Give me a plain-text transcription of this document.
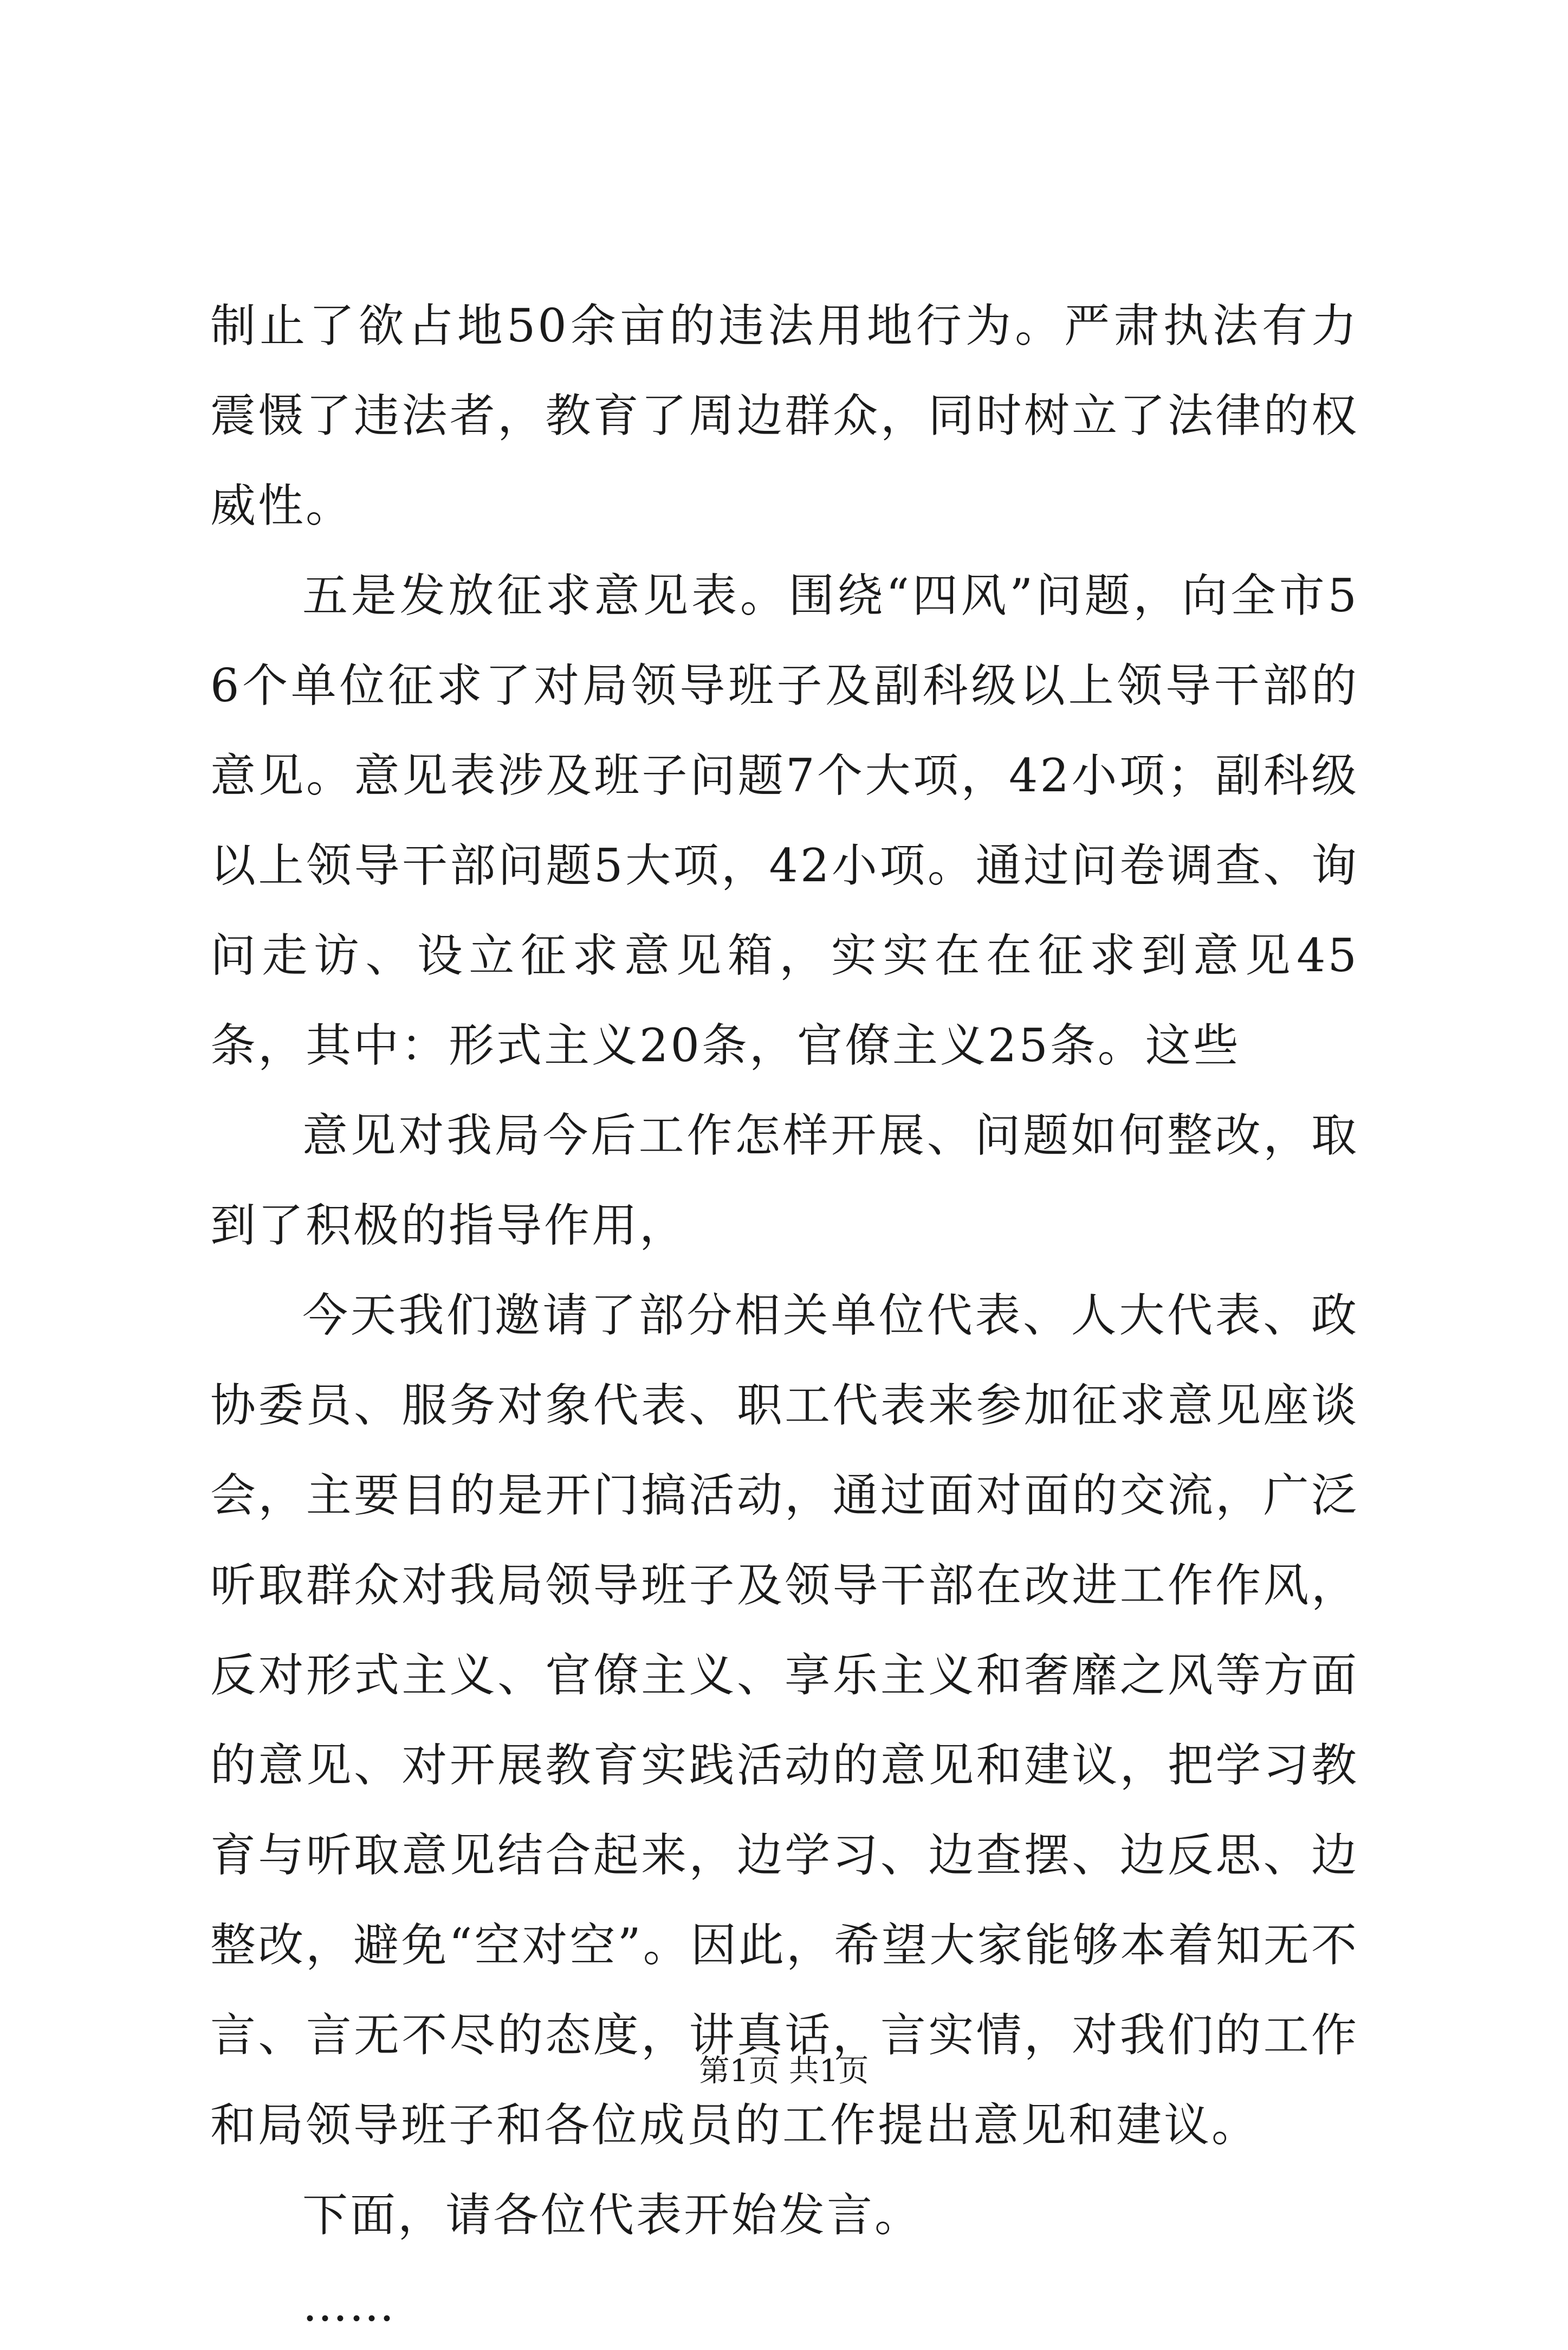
制止了欲占地50余亩的违法用地行为。严肃执法有力震慑了违法者，教育了周边群众，同时树立了法律的权威性。

五是发放征求意见表。围绕“四风”问题，向全市56个单位征求了对局领导班子及副科级以上领导干部的意见。意见表涉及班子问题7个大项，42小项；副科级以上领导干部问题5大项，42小项。通过问卷调查、询问走访、设立征求意见箱，实实在在征求到意见45条，其中：形式主义20条，官僚主义25条。这些

意见对我局今后工作怎样开展、问题如何整改，取到了积极的指导作用，

今天我们邀请了部分相关单位代表、人大代表、政协委员、服务对象代表、职工代表来参加征求意见座谈会，主要目的是开门搞活动，通过面对面的交流，广泛听取群众对我局领导班子及领导干部在改进工作作风，反对形式主义、官僚主义、享乐主义和奢靡之风等方面的意见、对开展教育实践活动的意见和建议，把学习教育与听取意见结合起来，边学习、边查摆、边反思、边整改，避免“空对空”。因此，希望大家能够本着知无不言、言无不尽的态度，讲真话，言实情，对我们的工作和局领导班子和各位成员的工作提出意见和建议。

下面，请各位代表开始发言。

……

第1页 共1页
